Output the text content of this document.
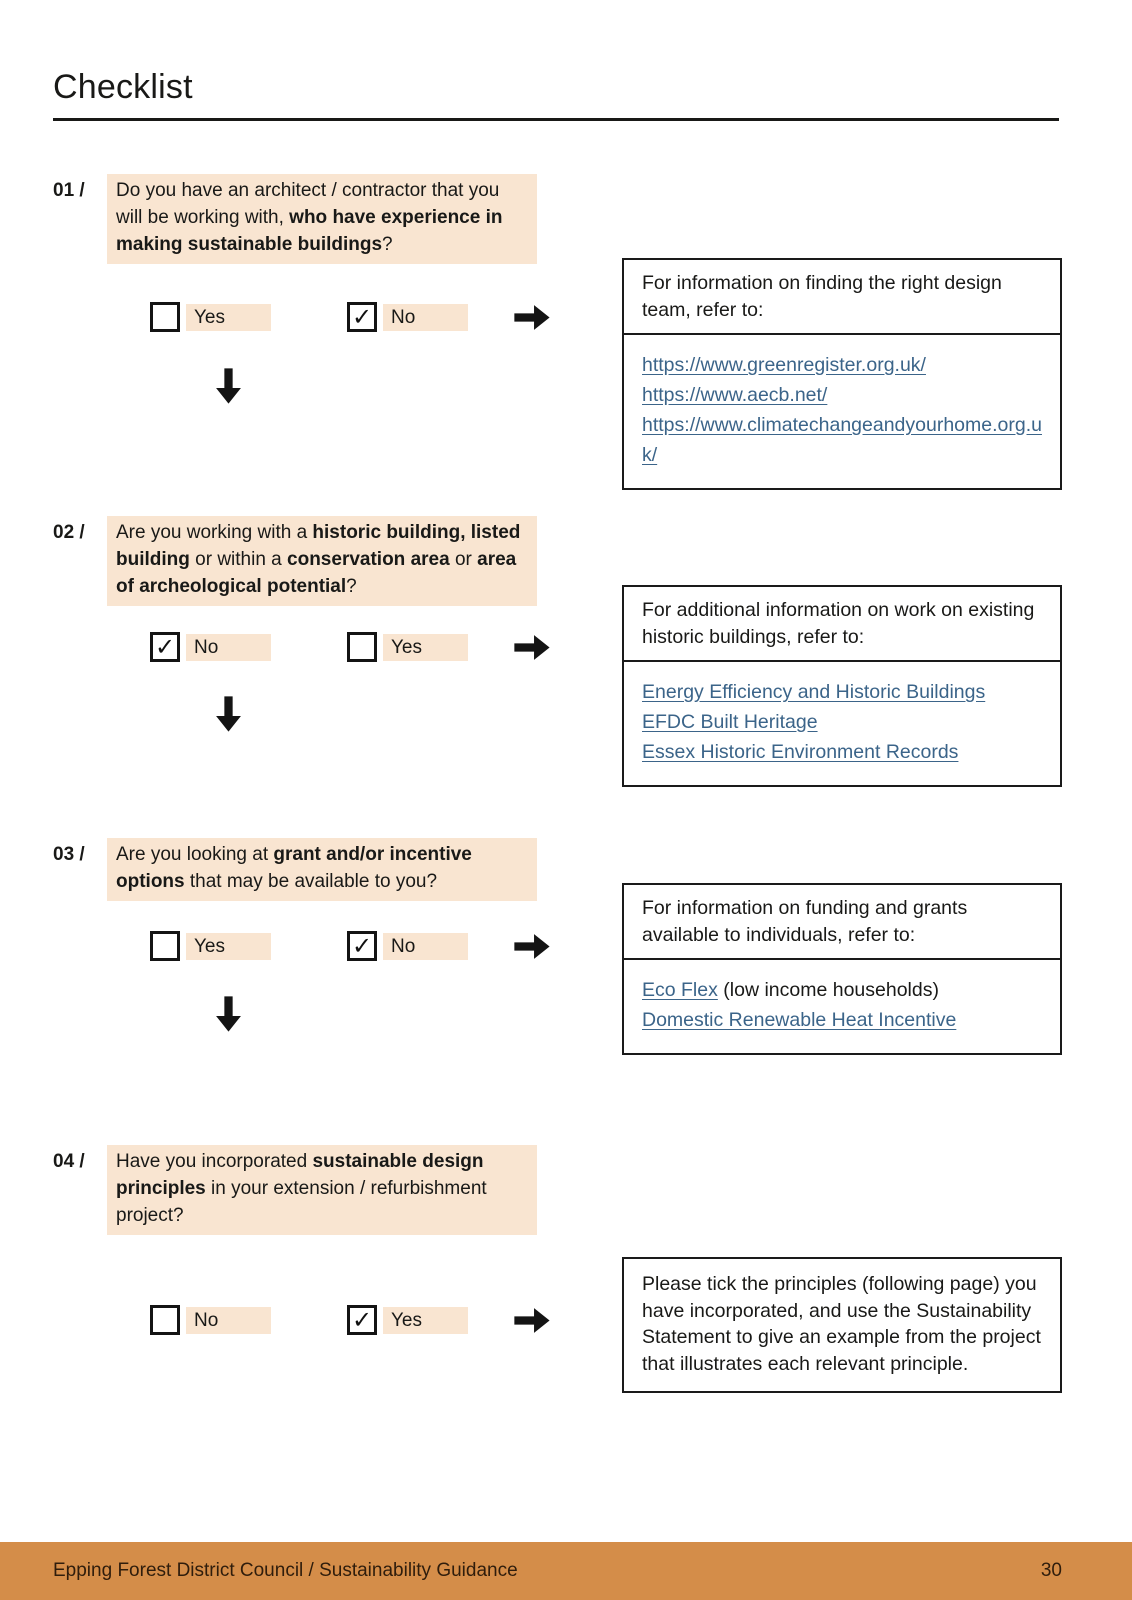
Checklist
01 /	Do you have an architect / contractor that you will be working with, who have experience in making sustainable buildings?
Yes	✓ No
For information on finding the right design team, refer to:
https://www.greenregister.org.uk/
https://www.aecb.net/
https://www.climatechangeandyourhome.org.uk/
02 /	Are you working with a historic building, listed building or within a conservation area or area of archeological potential?
✓ No	Yes
For additional information on work on existing historic buildings, refer to:
Energy Efficiency and Historic Buildings
EFDC Built Heritage
Essex Historic Environment Records
03 /	Are you looking at grant and/or incentive options that may be available to you?
Yes	✓ No
For information on funding and grants available to individuals, refer to:
Eco Flex (low income households)
Domestic Renewable Heat Incentive
04 /	Have you incorporated sustainable design principles in your extension / refurbishment project?
No	✓ Yes
Please tick the principles (following page) you have incorporated, and use the Sustainability Statement to give an example from the project that illustrates each relevant principle.
Epping Forest District Council / Sustainability Guidance	30
